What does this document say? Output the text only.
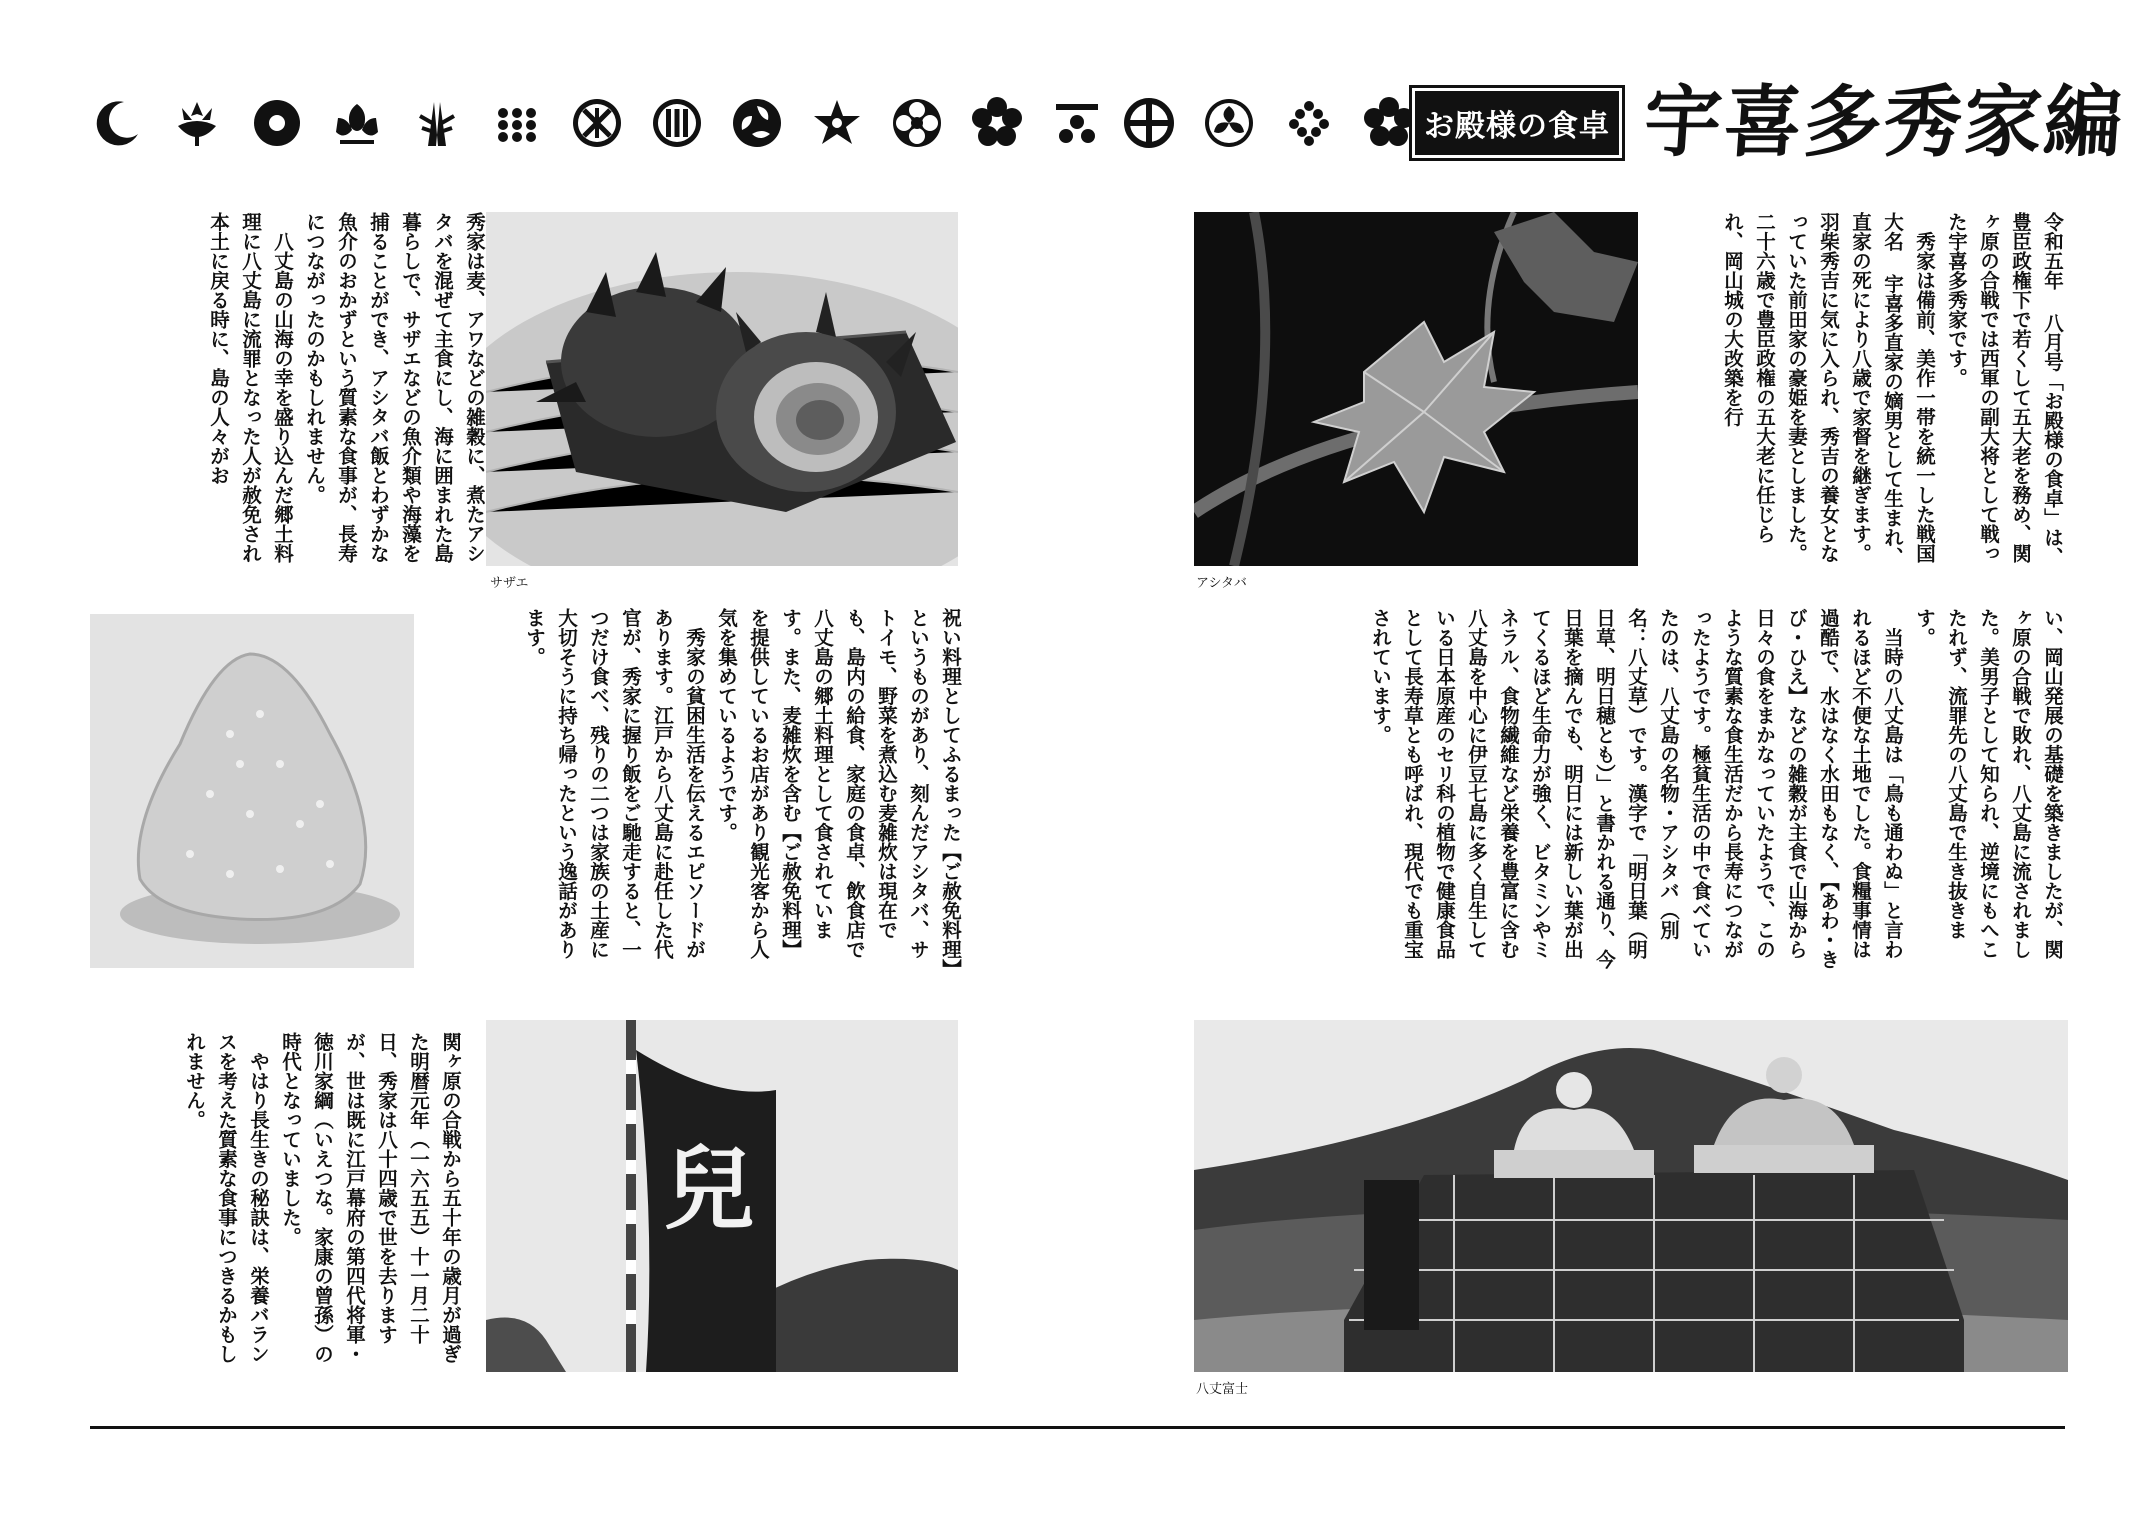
お殿様の食卓 宇喜多秀家編
令和五年 八月号「お殿様の食卓」は、豊臣政権下で若くして五大老を務め、関ヶ原の合戦では西軍の副大将として戦った宇喜多秀家です。
　秀家は備前、美作一帯を統一した戦国大名 宇喜多直家の嫡男として生まれ、直家の死により八歳で家督を継ぎます。羽柴秀吉に気に入られ、秀吉の養女となっていた前田家の豪姫を妻としました。二十六歳で豊臣政権の五大老に任じられ、岡山城の大改築を行
い、岡山発展の基礎を築きましたが、関ヶ原の合戦で敗れ、八丈島に流されました。美男子として知られ、逆境にもへこたれず、流罪先の八丈島で生き抜きます。
　当時の八丈島は「鳥も通わぬ」と言われるほど不便な土地でした。食糧事情は過酷で、水はなく水田もなく、【あわ・きび・ひえ】などの雑穀が主食で山海から日々の食をまかなっていたようで、このような質素な食生活だから長寿につながったようです。極貧生活の中で食べていたのは、八丈島の名物・アシタバ（別名：八丈草）です。漢字で「明日葉（明日草、明日穂とも）」と書かれる通り、今日葉を摘んでも、明日には新しい葉が出てくるほど生命力が強く、ビタミンやミネラル、食物繊維など栄養を豊富に含む八丈島を中心に伊豆七島に多く自生している日本原産のセリ科の植物で健康食品として長寿草とも呼ばれ、現代でも重宝されています。
秀家は麦、アワなどの雑穀に、煮たアシタバを混ぜて主食にし、海に囲まれた島暮らしで、サザエなどの魚介類や海藻を捕ることができ、アシタバ飯とわずかな魚介のおかずという質素な食事が、長寿につながったのかもしれません。
　八丈島の山海の幸を盛り込んだ郷土料理に八丈島に流罪となった人が赦免され本土に戻る時に、島の人々がお
祝い料理としてふるまった【ご赦免料理】というものがあり、刻んだアシタバ、サトイモ、野菜を煮込む麦雑炊は現在でも、島内の給食、家庭の食卓、飲食店で八丈島の郷土料理として食されています。また、麦雑炊を含む【ご赦免料理】を提供しているお店があり観光客から人気を集めているようです。
　秀家の貧困生活を伝えるエピソードがあります。江戸から八丈島に赴任した代官が、秀家に握り飯をご馳走すると、一つだけ食べ、残りの二つは家族の土産に大切そうに持ち帰ったという逸話があります。
関ヶ原の合戦から五十年の歳月が過ぎた明暦元年（一六五五）十一月二十日、秀家は八十四歳で世を去りますが、世は既に江戸幕府の第四代将軍・徳川家綱（いえつな。家康の曾孫）の時代となっていました。
　やはり長生きの秘訣は、栄養バランスを考えた質素な食事につきるかもしれません。
サザエ	アシタバ
兒
八丈富士
